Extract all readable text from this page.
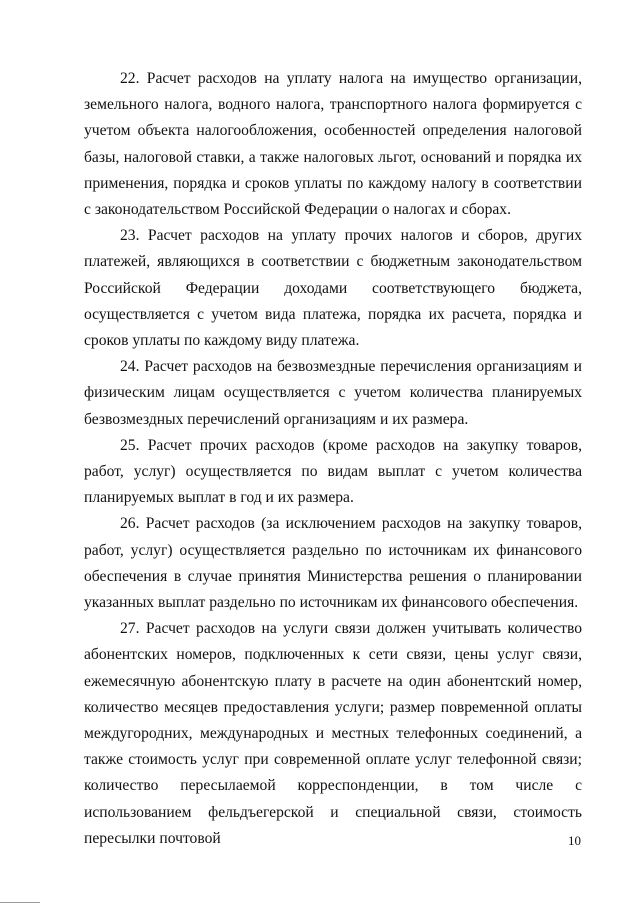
22. Расчет расходов на уплату налога на имущество организации, земельного налога, водного налога, транспортного налога формируется с учетом объекта налогообложения, особенностей определения налоговой базы, налоговой ставки, а также налоговых льгот, оснований и порядка их применения, порядка и сроков уплаты по каждому налогу в соответствии с законодательством Российской Федерации о налогах и сборах.

23. Расчет расходов на уплату прочих налогов и сборов, других платежей, являющихся в соответствии с бюджетным законодательством Российской Федерации доходами соответствующего бюджета, осуществляется с учетом вида платежа, порядка их расчета, порядка и сроков уплаты по каждому виду платежа.

24. Расчет расходов на безвозмездные перечисления организациям и физическим лицам осуществляется с учетом количества планируемых безвозмездных перечислений организациям и их размера.

25. Расчет прочих расходов (кроме расходов на закупку товаров, работ, услуг) осуществляется по видам выплат с учетом количества планируемых выплат в год и их размера.

26. Расчет расходов (за исключением расходов на закупку товаров, работ, услуг) осуществляется раздельно по источникам их финансового обеспечения в случае принятия Министерства решения о планировании указанных выплат раздельно по источникам их финансового обеспечения.

27. Расчет расходов на услуги связи должен учитывать количество абонентских номеров, подключенных к сети связи, цены услуг связи, ежемесячную абонентскую плату в расчете на один абонентский номер, количество месяцев предоставления услуги; размер повременной оплаты междугородних, международных и местных телефонных соединений, а также стоимость услуг при современной оплате услуг телефонной связи; количество пересылаемой корреспонденции, в том числе с использованием фельдъегерской и специальной связи, стоимость пересылки почтовой	10
